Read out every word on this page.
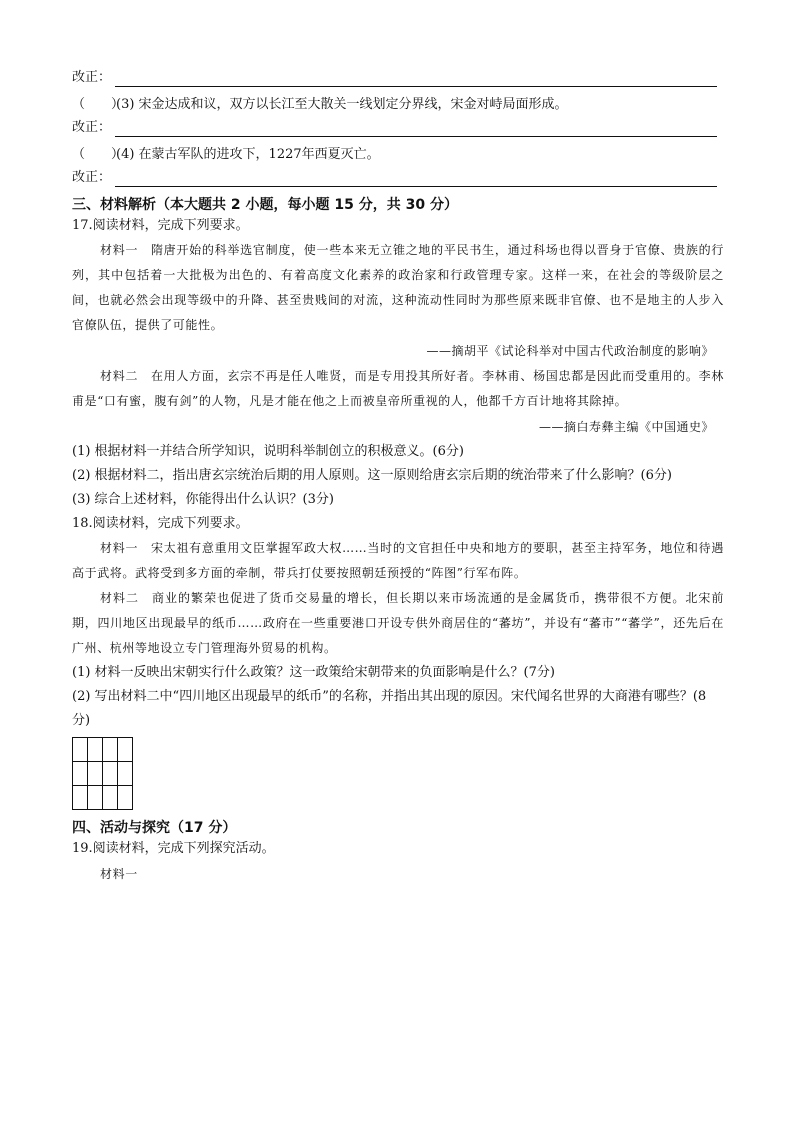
改正：
（　　）
(3) 宋金达成和议，双方以长江至大散关一线划定分界线，宋金对峙局面形成。
改正：
（　　）
(4) 在蒙古军队的进攻下，1227年西夏灭亡。
改正：
三、材料解析（本大题共 2 小题，每小题 15 分，共 30 分）
17.阅读材料，完成下列要求。

材料一　隋唐开始的科举选官制度，使一些本来无立锥之地的平民书生，通过科场也得以晋身于官僚、贵族的行列，其中包括着一大批极为出色的、有着高度文化素养的政治家和行政管理专家。这样一来，在社会的等级阶层之间，也就必然会出现等级中的升降、甚至贵贱间的对流，这种流动性同时为那些原来既非官僚、也不是地主的人步入官僚队伍，提供了可能性。

——摘胡平《试论科举对中国古代政治制度的影响》

材料二　在用人方面，玄宗不再是任人唯贤，而是专用投其所好者。李林甫、杨国忠都是因此而受重用的。李林甫是“口有蜜，腹有剑”的人物，凡是才能在他之上而被皇帝所重视的人，他都千方百计地将其除掉。

——摘白寿彝主编《中国通史》
(1) 根据材料一并结合所学知识，说明科举制创立的积极意义。(6分)
(2) 根据材料二，指出唐玄宗统治后期的用人原则。这一原则给唐玄宗后期的统治带来了什么影响？(6分)
(3) 综合上述材料，你能得出什么认识？(3分)
18.阅读材料，完成下列要求。

材料一　宋太祖有意重用文臣掌握军政大权……当时的文官担任中央和地方的要职，甚至主持军务，地位和待遇高于武将。武将受到多方面的牵制，带兵打仗要按照朝廷预授的“阵图”行军布阵。

材料二　商业的繁荣也促进了货币交易量的增长，但长期以来市场流通的是金属货币，携带很不方便。北宋前期，四川地区出现最早的纸币……政府在一些重要港口开设专供外商居住的“蕃坊”，并设有“蕃市”“蕃学”，还先后在广州、杭州等地设立专门管理海外贸易的机构。

(1) 材料一反映出宋朝实行什么政策？这一政策给宋朝带来的负面影响是什么？(7分)
(2) 写出材料二中“四川地区出现最早的纸币”的名称，并指出其出现的原因。宋代闻名世界的大商港有哪些？(8分)
四、活动与探究（17 分）
19.阅读材料，完成下列探究活动。
材料一
